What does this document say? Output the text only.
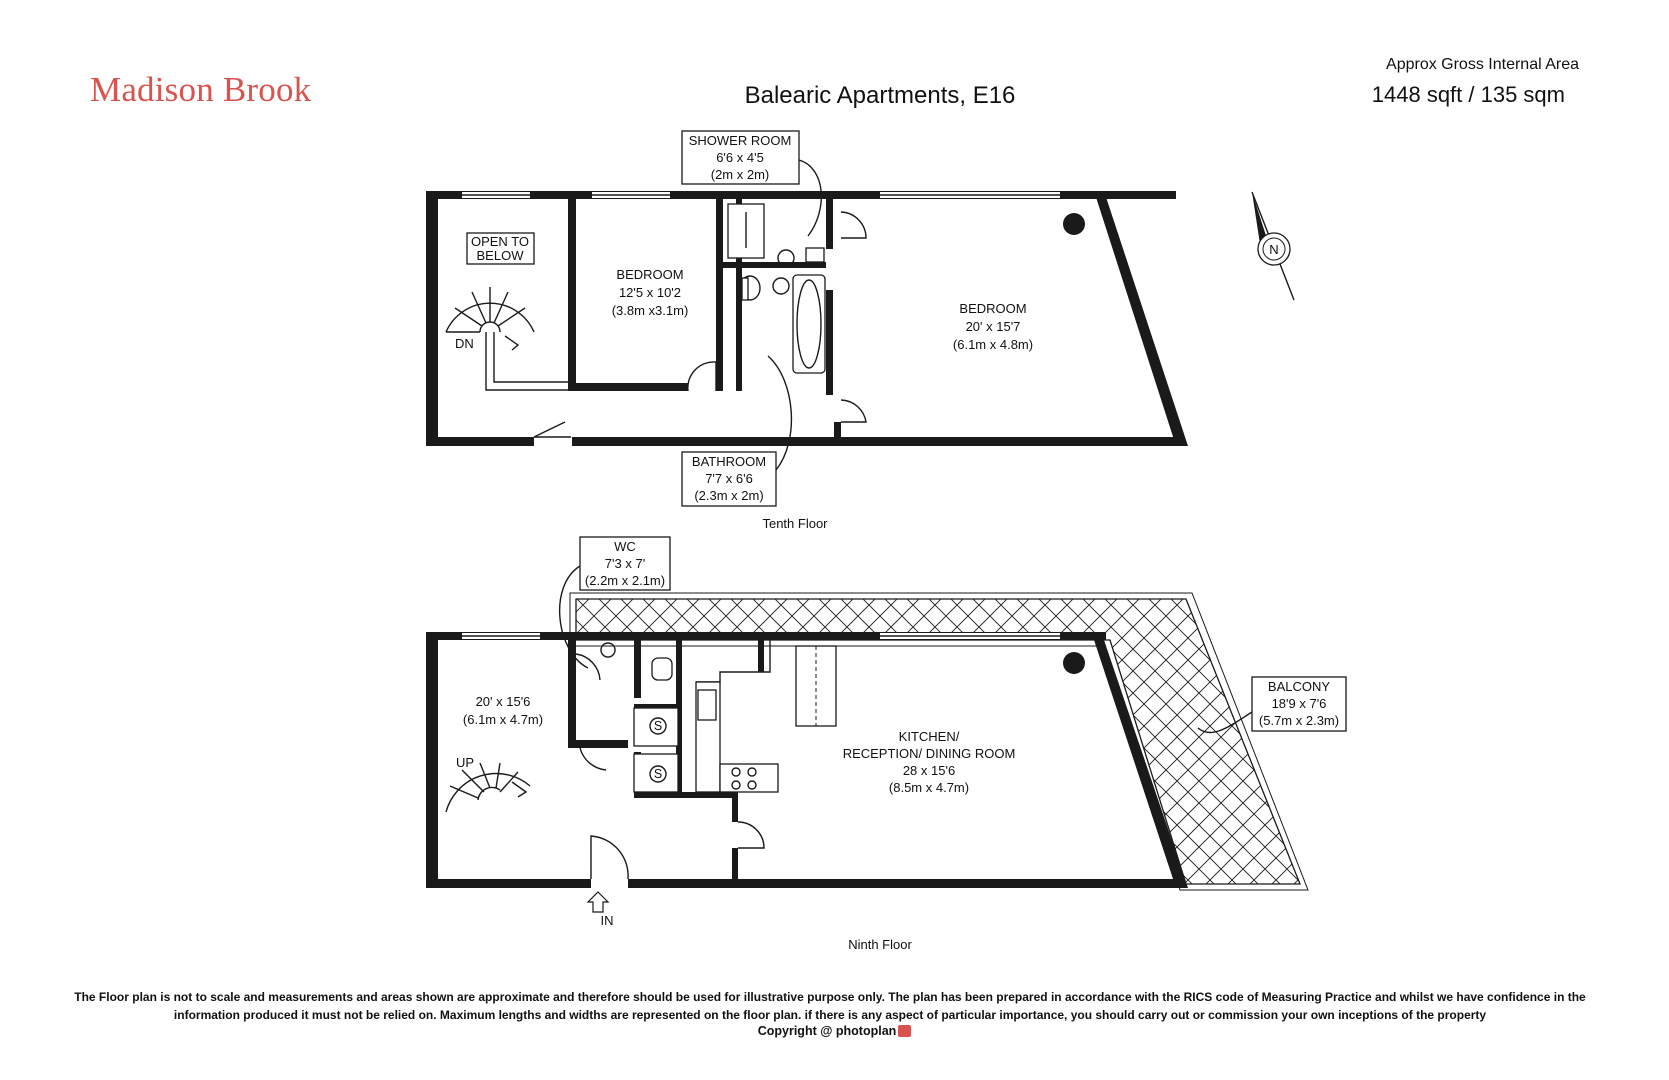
Madison Brook	Balearic Apartments, E16
Approx Gross Internal Area
1448 sqft / 135 sqm
OPEN TO
BELOW
DN
BEDROOM
12'5 x 10'2
(3.8m x3.1m)
SHOWER ROOM
6'6 x 4'5
(2m x 2m)
BEDROOM
20' x 15'7
(6.1m x 4.8m)
BATHROOM
7'7 x 6'6
(2.3m x 2m)
Tenth Floor
20' x 15'6
(6.1m x 4.7m)
UP
IN
S
S
WC
7'3 x 7'
(2.2m x 2.1m)
KITCHEN/
RECEPTION/ DINING ROOM
28 x 15'6
(8.5m x 4.7m)
BALCONY
18'9 x 7'6
(5.7m x 2.3m)
Ninth Floor
N
The Floor plan is not to scale and measurements and areas shown are approximate and therefore should be used for illustrative purpose only. The plan has been prepared in accordance with the RICS code of Measuring Practice and whilst we have confidence in the information produced it must not be relied on. Maximum lengths and widths are represented on the floor plan. if there is any aspect of particular importance, you should carry out or commission your own inceptions of the property
Copyright @ photoplan
